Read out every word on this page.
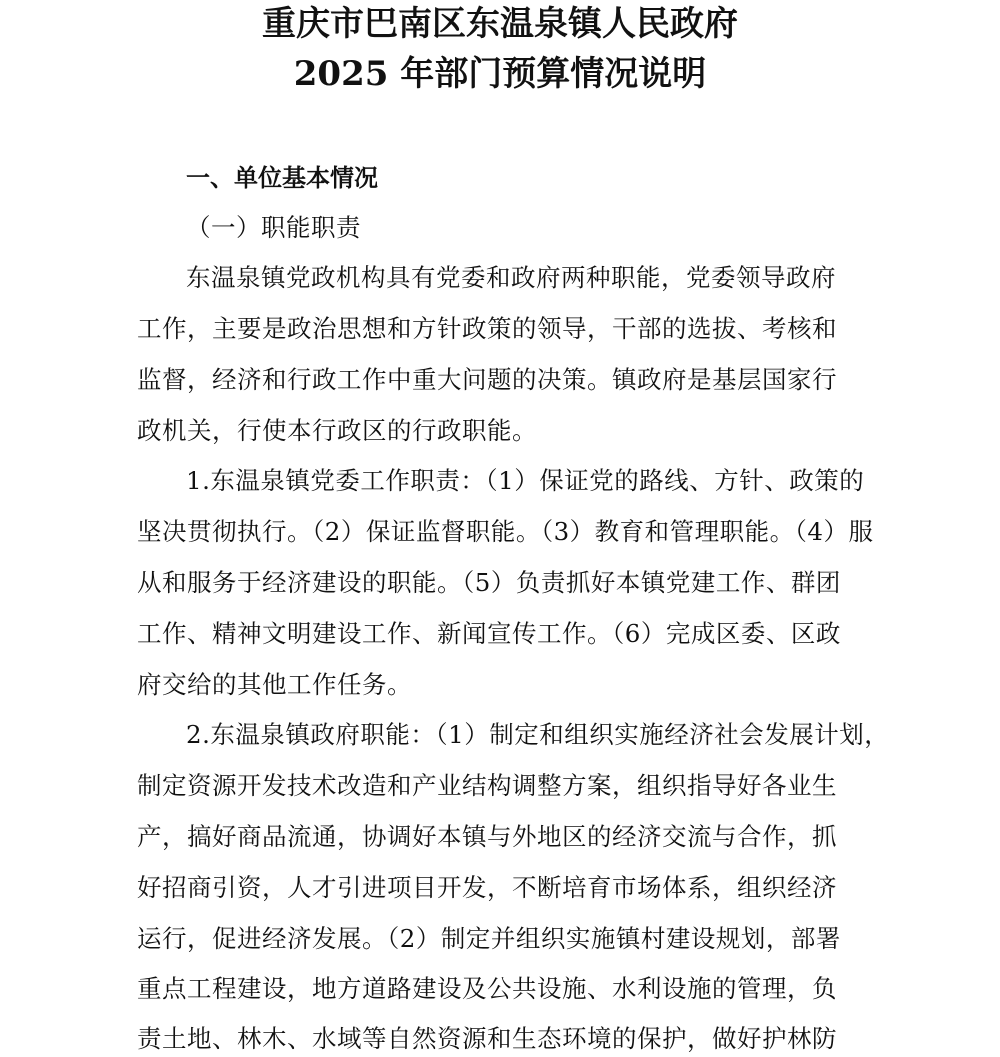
重庆市巴南区东温泉镇人民政府
2025 年部门预算情况说明
一、单位基本情况
（一）职能职责
东温泉镇党政机构具有党委和政府两种职能，党委领导政府
工作，主要是政治思想和方针政策的领导，干部的选拔、考核和
监督，经济和行政工作中重大问题的决策。镇政府是基层国家行
政机关，行使本行政区的行政职能。
1.东温泉镇党委工作职责：（1）保证党的路线、方针、政策的
坚决贯彻执行。（2）保证监督职能。（3）教育和管理职能。（4）服
从和服务于经济建设的职能。（5）负责抓好本镇党建工作、群团
工作、精神文明建设工作、新闻宣传工作。（6）完成区委、区政
府交给的其他工作任务。
2.东温泉镇政府职能：（1）制定和组织实施经济社会发展计划，
制定资源开发技术改造和产业结构调整方案，组织指导好各业生
产，搞好商品流通，协调好本镇与外地区的经济交流与合作，抓
好招商引资，人才引进项目开发，不断培育市场体系，组织经济
运行，促进经济发展。（2）制定并组织实施镇村建设规划，部署
重点工程建设，地方道路建设及公共设施、水利设施的管理，负
责土地、林木、水域等自然资源和生态环境的保护，做好护林防
